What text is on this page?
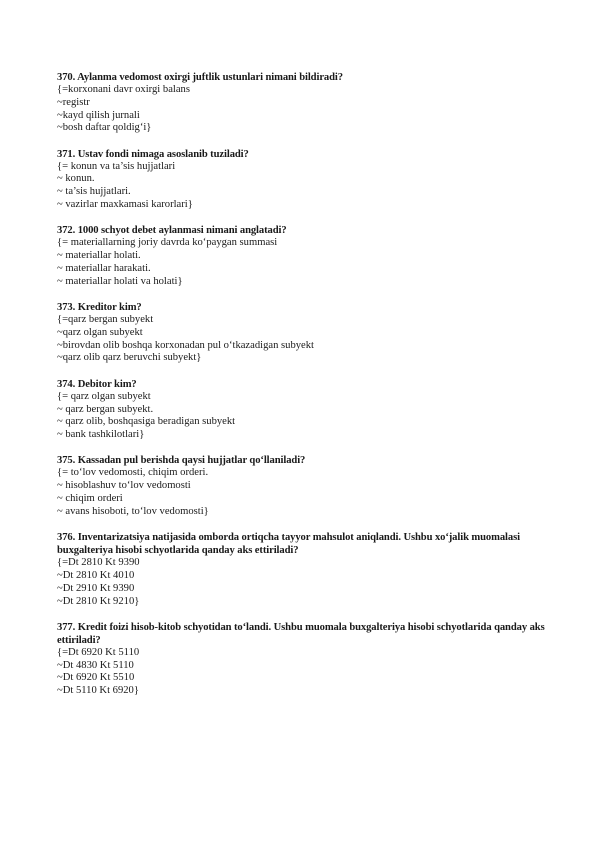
370. Aylanma vedomost oxirgi juftlik ustunlari nimani bildiradi?

{=korxonani davr oxirgi balans

~registr

~kayd qilish jurnali

~bosh daftar qoldig‘i}

371. Ustav fondi nimaga asoslanib tuziladi?

{= konun va ta’sis hujjatlari

~ konun.

~ ta’sis hujjatlari.

~ vazirlar maxkamasi karorlari}

372. 1000 schyot debet aylanmasi nimani anglatadi?

{= materiallarning joriy davrda ko‘paygan summasi

~ materiallar holati.

~ materiallar harakati.

~ materiallar holati va holati}

373. Kreditor kim?

{=qarz bergan subyekt

~qarz olgan subyekt

~birovdan olib boshqa korxonadan pul o‘tkazadigan subyekt

~qarz olib qarz beruvchi subyekt}

374. Debitor kim?

{= qarz olgan subyekt

~ qarz bergan subyekt.

~ qarz olib, boshqasiga beradigan subyekt

~ bank tashkilotlari}

375. Kassadan pul berishda qaysi hujjatlar qo‘llaniladi?

{= to‘lov vedomosti, chiqim orderi.

~ hisoblashuv to‘lov vedomosti

~ chiqim orderi

~ avans hisoboti, to‘lov vedomosti}

376. Inventarizatsiya natijasida omborda ortiqcha tayyor mahsulot aniqlandi. Ushbu xo‘jalik muomalasi buxgalteriya hisobi schyotlarida qanday aks ettiriladi?

{=Dt 2810 Kt 9390

~Dt 2810 Kt 4010

~Dt 2910 Kt 9390

~Dt 2810 Kt 9210}

377. Kredit foizi hisob-kitob schyotidan to‘landi. Ushbu muomala buxgalteriya hisobi schyotlarida qanday aks ettiriladi?

{=Dt 6920 Kt 5110

~Dt 4830 Kt 5110

~Dt 6920 Kt 5510

~Dt 5110 Kt 6920}
